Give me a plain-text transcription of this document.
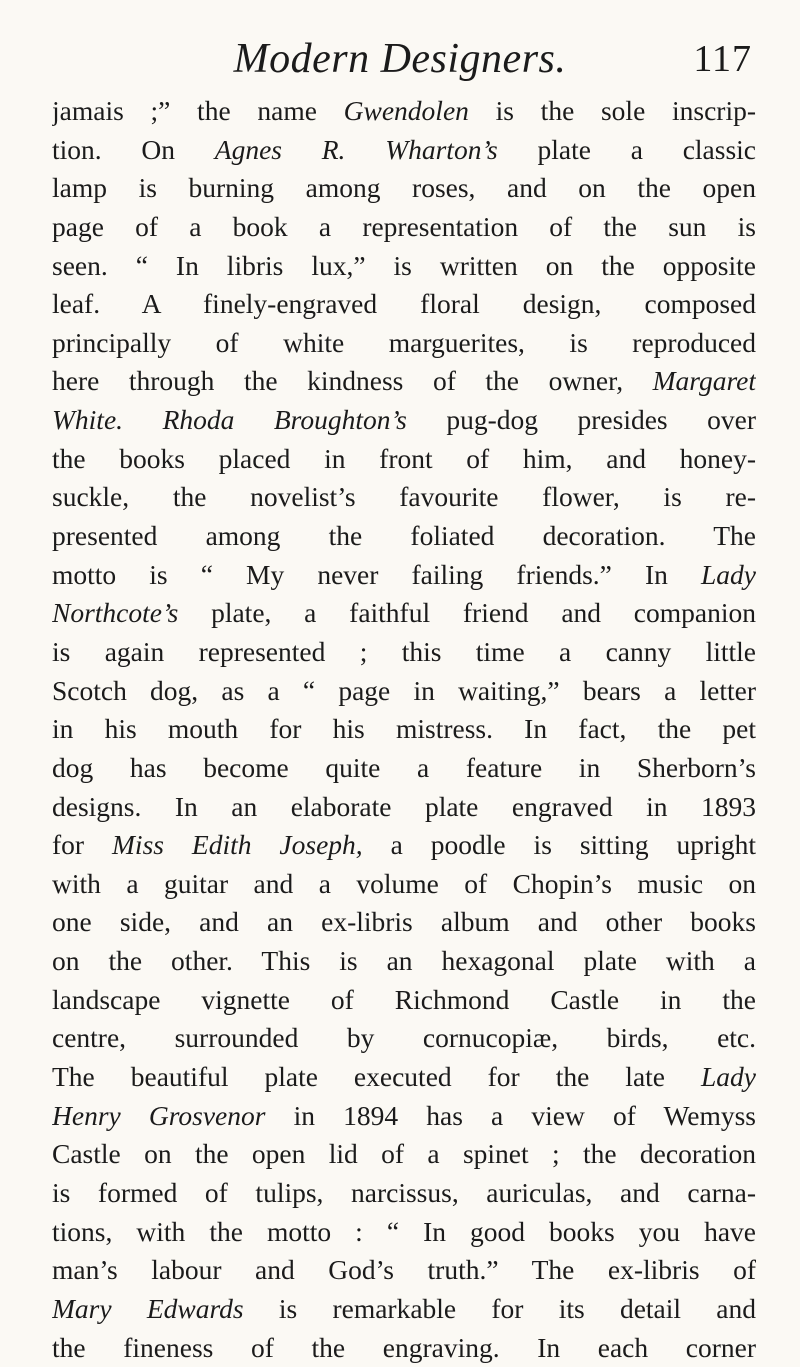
Modern Designers.	117
jamais ;” the name Gwendolen is the sole inscrip-
tion. On Agnes R. Wharton’s plate a classic
lamp is burning among roses, and on the open
page of a book a representation of the sun is
seen. “ In libris lux,” is written on the opposite
leaf. A finely-engraved floral design, composed
principally of white marguerites, is reproduced
here through the kindness of the owner, Margaret
White. Rhoda Broughton’s pug-dog presides over
the books placed in front of him, and honey-
suckle, the novelist’s favourite flower, is re-
presented among the foliated decoration. The
motto is “ My never failing friends.” In Lady
Northcote’s plate, a faithful friend and companion
is again represented ; this time a canny little
Scotch dog, as a “ page in waiting,” bears a letter
in his mouth for his mistress. In fact, the pet
dog has become quite a feature in Sherborn’s
designs. In an elaborate plate engraved in 1893
for Miss Edith Joseph, a poodle is sitting upright
with a guitar and a volume of Chopin’s music on
one side, and an ex-libris album and other books
on the other. This is an hexagonal plate with a
landscape vignette of Richmond Castle in the
centre, surrounded by cornucopiæ, birds, etc.
The beautiful plate executed for the late Lady
Henry Grosvenor in 1894 has a view of Wemyss
Castle on the open lid of a spinet ; the decoration
is formed of tulips, narcissus, auriculas, and carna-
tions, with the motto : “ In good books you have
man’s labour and God’s truth.” The ex-libris of
Mary Edwards is remarkable for its detail and
the fineness of the engraving. In each corner
